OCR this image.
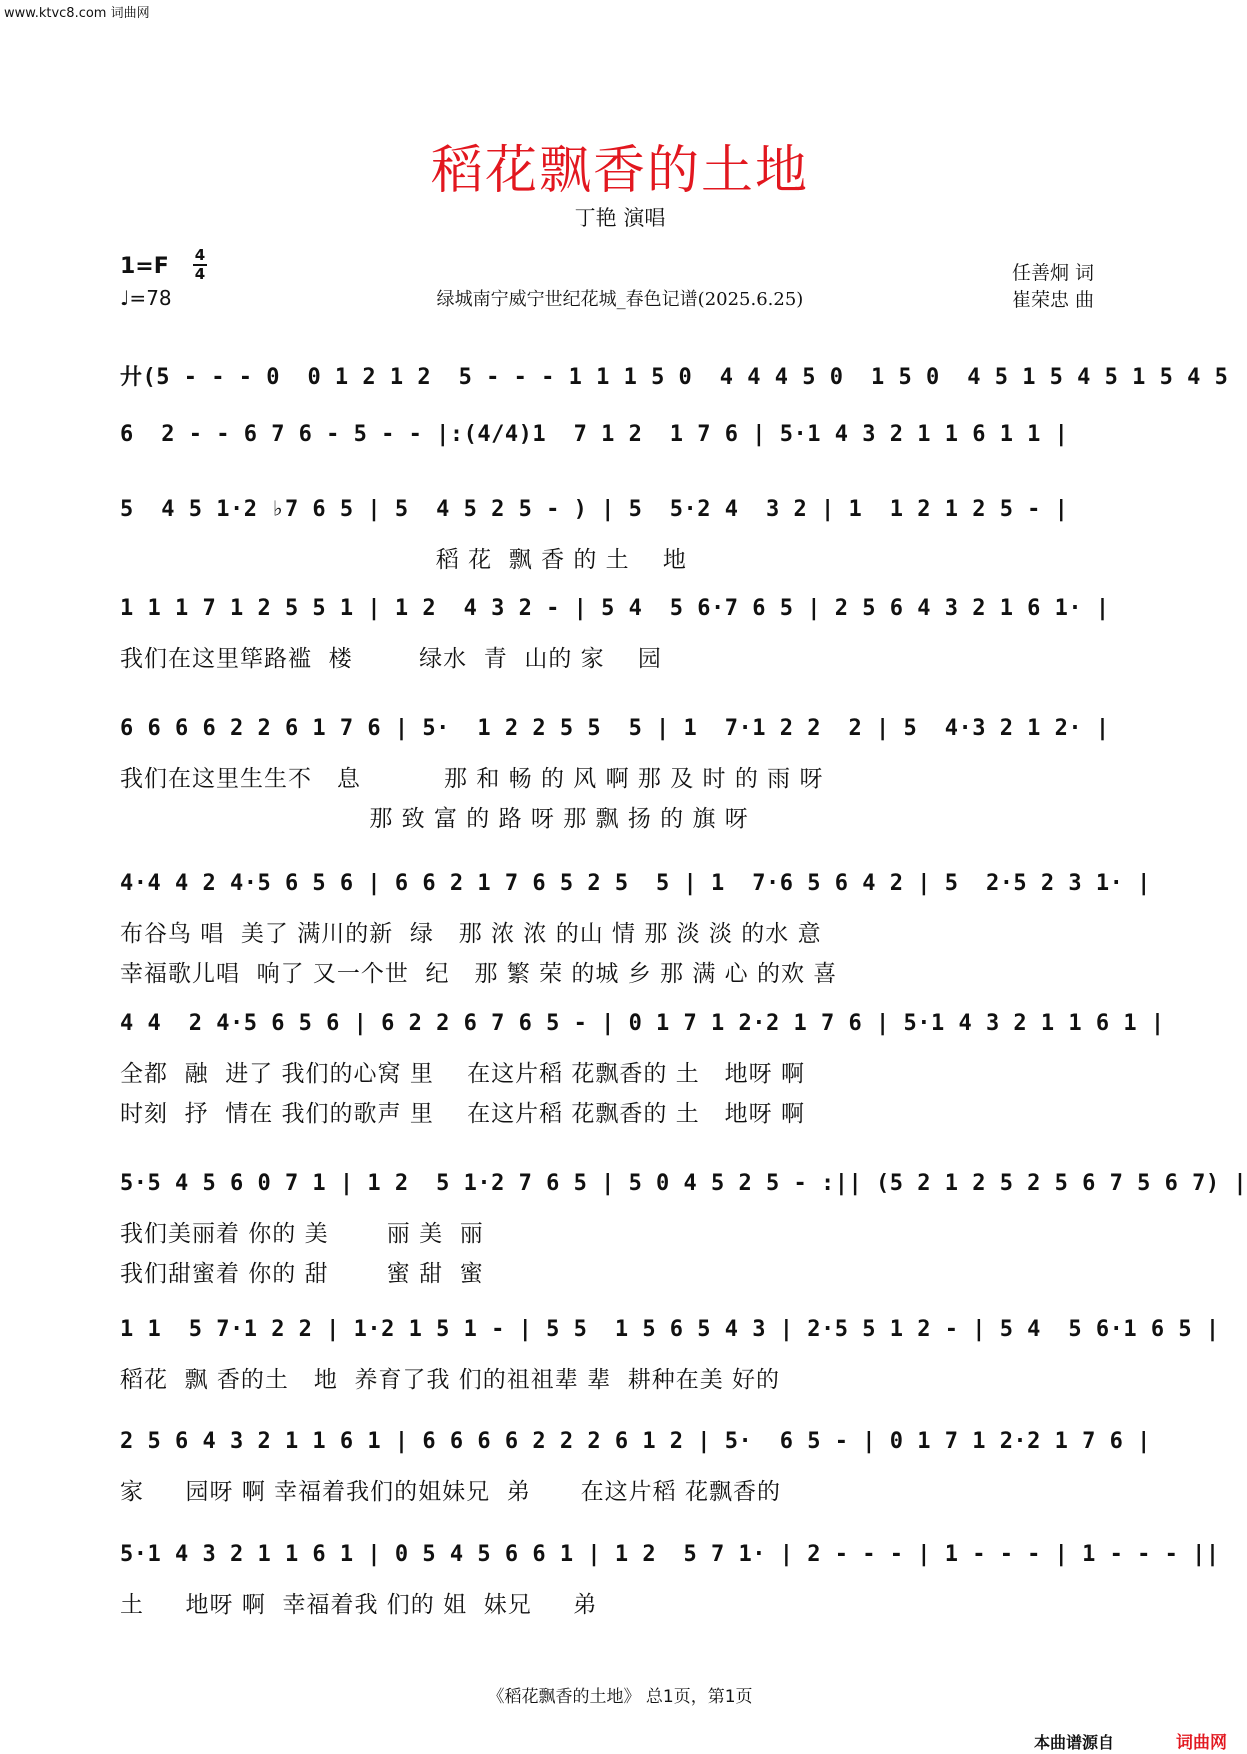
www.ktvc8.com 词曲网
稻花飘香的土地
丁艳 演唱
1=F 4
4
♩=78	绿城南宁威宁世纪花城_春色记谱(2025.6.25)
任善炯 词
崔荣忠 曲
廾(5 - - - 0  0 1 2 1 2  5 - - - 1 1 1 5 0  4 4 4 5 0  1 5 0  4 5 1 5 4 5 1 5 4 5
6  2 - - 6 7 6 - 5 - - |:(4/4)1  7 1 2  1 7 6 | 5·1 4 3 2 1 1 6 1 1 |
5  4 5 1·2 ♭7 6 5 | 5  4 5 2 5 - ) | 5  5·2 4  3 2 | 1  1 2 1 2 5 - |
稻 花  飘 香 的 土    地
1 1 1 7 1 2 5 5 1 | 1 2  4 3 2 - | 5 4  5 6·7 6 5 | 2 5 6 4 3 2 1 6 1· |
我们在这里筚路褴  楼        绿水  青  山的 家    园
6 6 6 6 2 2 6 1 7 6 | 5·  1 2 2 5 5  5 | 1  7·1 2 2  2 | 5  4·3 2 1 2· |
我们在这里生生不   息          那 和 畅 的 风 啊 那 及 时 的 雨 呀
那 致 富 的 路 呀 那 飘 扬 的 旗 呀
4·4 4 2 4·5 6 5 6 | 6 6 2 1 7 6 5 2 5  5 | 1  7·6 5 6 4 2 | 5  2·5 2 3 1· |
布谷鸟 唱  美了 满川的新  绿   那 浓 浓 的山 情 那 淡 淡 的水 意
幸福歌儿唱  响了 又一个世  纪   那 繁 荣 的城 乡 那 满 心 的欢 喜
4 4  2 4·5 6 5 6 | 6 2 2 6 7 6 5 - | 0 1 7 1 2·2 1 7 6 | 5·1 4 3 2 1 1 6 1 |
全都  融  进了 我们的心窝 里    在这片稻 花飘香的 土   地呀 啊
时刻  抒  情在 我们的歌声 里    在这片稻 花飘香的 土   地呀 啊
5·5 4 5 6 0 7 1 | 1 2  5 1·2 7 6 5 | 5 0 4 5 2 5 - :|| (5 2 1 2 5 2 5 6 7 5 6 7) |
我们美丽着 你的 美       丽 美  丽
我们甜蜜着 你的 甜       蜜 甜  蜜
1 1  5 7·1 2 2 | 1·2 1 5 1 - | 5 5  1 5 6 5 4 3 | 2·5 5 1 2 - | 5 4  5 6·1 6 5 |
稻花  飘 香的土   地  养育了我 们的祖祖辈 辈  耕种在美 好的
2 5 6 4 3 2 1 1 6 1 | 6 6 6 6 2 2 2 6 1 2 | 5·  6 5 - | 0 1 7 1 2·2 1 7 6 |
家     园呀 啊 幸福着我们的姐妹兄  弟      在这片稻 花飘香的
5·1 4 3 2 1 1 6 1 | 0 5 4 5 6 6 1 | 1 2  5 7 1· | 2 - - - | 1 - - - | 1 - - - ||
土     地呀 啊  幸福着我 们的 姐  妹兄     弟
《稻花飘香的土地》 总1页，第1页
本曲谱源自	词曲网
